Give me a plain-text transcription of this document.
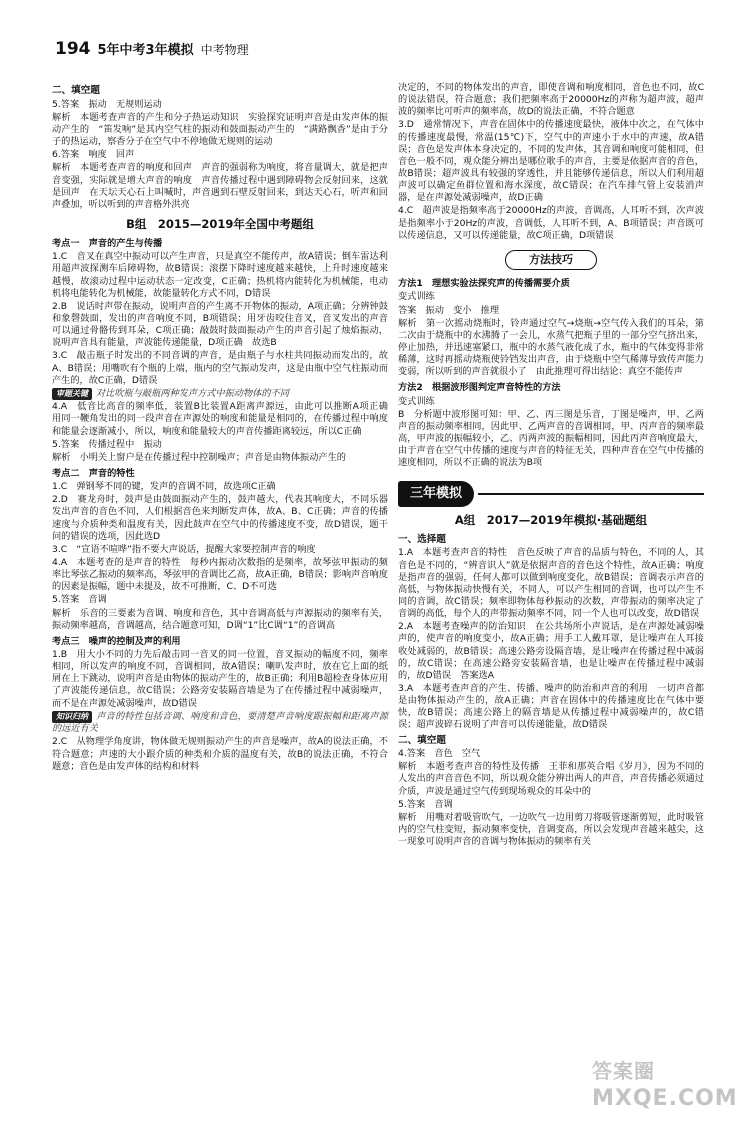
194 5年中考3年模拟 中考物理
二、填空题

5.答案　振动　无规则运动

解析　本题考查声音的产生和分子热运动知识　实验探究证明声音是由发声体的振动产生的　“笛发响”是其内空气柱的振动和鼓面振动产生的　“满路飘香”是由于分子的热运动，察香分子在空气中不停地做无规则的运动

6.答案　响度　回声

解析　本题考查声音的响度和回声　声音的强弱称为响度，将音量调大，就是把声音变强，实际就是增大声音的响度　声音传播过程中遇到障碍物会反射回来，这就是回声　在天坛天心石上叫喊时，声音遇到石壁反射回来，到达天心石，听声和回声叠加，听以听到的声音格外洪亮

B组　2015—2019年全国中考题组
考点一　声音的产生与传播

1.C　音叉在真空中振动可以产生声音，只是真空不能传声，故A错误；倒车雷达利用超声波探测车后障碍物，故B错误；滚摆下降时速度越来越快，上升时速度越来越慢，故滚动过程中运动状态一定改变，C正确；热机将内能转化为机械能，电动机将电能转化为机械能，故能量转化方式不同，D错误

2.B　说话时声带在振动，说明声音的产生离不开物体的振动，A项正确；分辨钟鼓和象磬鼓面，发出的声音响度不同，B项错误；用牙齿咬住音叉，音叉发出的声音可以通过骨骼传到耳朵，C项正确；敲鼓时鼓面振动产生的声音引起了烛焰振动，说明声音具有能量，声波能传递能量，D项正确　故选B

3.C　敲击瓶子时发出的不同音调的声音，是由瓶子与水柱共同振动而发出的，故A、B错误；用嘴吹有个瓶的上端，瓶内的空气振动发声，这是由瓶中空气柱振动而产生的，故C正确，D错误

审题关键 对比吹瓶与敲瓶两种发声方式中振动物体的不同

4.A　低音比高音的频率低，装置B比装置A距离声源远，由此可以推断A项正确　用同一鞭角发出的同一段声音在声源处的响度和能量是相同的，在传播过程中响度和能量会逐渐减小，所以，响度和能量较大的声音传播距离较远，所以C正确

5.答案　传播过程中　振动

解析　小明关上窗户是在传播过程中控制噪声；声音是由物体振动产生的

考点二　声音的特性

1.C　弹钢琴不同的键，发声的音调不同，故选项C正确

2.D　赛龙舟时，鼓声是由鼓面振动产生的，鼓声越大，代表其响度大，不同乐器发出声音的音色不同，人们根据音色来判断发声体，故A、B、C正确；声音的传播速度与介质种类和温度有关，因此鼓声在空气中的传播速度不变，故D错误，题干问的错误的选项，因此选D

3.C　“宣语不喧哗”指不要大声说话，提醒大家要控制声音的响度

4.A　本题考查的是声音的特性　每秒内振动次数指的是频率，故琴弦甲振动的频率比琴弦乙振动的频率高，琴弦甲的音调比乙高，故A正确，B错误；影响声音响度的因素是振幅，题中未提及，故不可推断，C、D不可选

5.答案　音调

解析　乐音的三要素为音调、响度和音色，其中音调高低与声源振动的频率有关，振动频率越高，音调越高，结合题意可知，D调“1”比C调“1”的音调高

考点三　噪声的控制及声的利用

1.B　用大小不同的力先后敲击同一音叉的同一位置，音叉振动的幅度不同，频率相同，所以发声的响度不同，音调相同，故A错误；喇叭发声时，放在它上面的纸屑在上下跳动，说明声音是由物体的振动产生的，故B正确；利用B超检查身体应用了声波能传递信息，故C错误；公路旁安装隔音墙是为了在传播过程中减弱噪声，而不是在声源处减弱噪声，故D错误

知识归纳 声音的特性包括音调、响度和音色，要清楚声音响度跟振幅和距离声源的远近有关

2.C　从物理学角度讲，物体做无规则振动产生的声音是噪声，故A的说法正确，不符合题意；声速的大小跟介质的种类和介质的温度有关，故B的说法正确，不符合题意；音色是由发声体的结构和材料

决定的，不同的物体发出的声音，即使音调和响度相同，音色也不同，故C的说法错误，符合题意；我们把频率高于20000Hz的声称为超声波，超声波的频率比可听声的频率高，故D的说法正确，不符合题意

3.D　通常情况下，声音在固体中的传播速度最快，液体中次之，在气体中的传播速度最慢，常温(15℃)下，空气中的声速小于水中的声速，故A错误；音色是发声体本身决定的，不同的发声体，其音调和响度可能相同，但音色一般不同，观众能分辨出是哪位歌手的声音，主要是依据声音的音色，故B错误；超声波具有较强的穿透性，并且能够传递信息，所以人们利用超声波可以确定鱼群位置和海水深度，故C错误；在汽车排气管上安装消声器，是在声源处减弱噪声，故D正确

4.C　超声波是指频率高于20000Hz的声波，音调高，人耳听不到，次声波是指频率小于20Hz的声波，音调低，人耳听不到，A、B项错误；声音既可以传递信息，又可以传递能量，故C项正确，D项错误

方法技巧
方法1　理想实验法探究声的传播需要介质

变式训练

答案　振动　变小　推理

解析　第一次摇动烧瓶时，铃声通过空气→烧瓶→空气传入我们的耳朵，第二次由于烧瓶中的水沸腾了一会儿，水蒸气把瓶子里的一部分空气挤出来，停止加热，并迅速塞紧口，瓶中的水蒸气液化成了水，瓶中的气体变得非常稀薄，这时再摇动烧瓶使铃铛发出声音，由于烧瓶中空气稀薄导致传声能力变弱，所以听到的声音就很小了　由此推理可得出结论：真空不能传声

方法2　根据波形图判定声音特性的方法

变式训练

B　分析题中波形图可知：甲、乙、丙三图是乐音，丁图是噪声，甲、乙两声音的振动频率相同，因此甲、乙两声音的音调相同，甲、丙声音的频率最高，甲声波的振幅较小，乙、丙两声波的振幅相同，因此丙声音响度最大，由于声音在空气中传播的速度与声音的特征无关，四种声音在空气中传播的速度相同，所以不正确的说法为B项

三年模拟
A组　2017—2019年模拟·基础题组
一、选择题

1.A　本题考查声音的特性　音色反映了声音的品质与特色，不同的人，其音色是不同的，“辨音识人”就是依据声音的音色这个特性，故A正确；响度是指声音的强弱，任何人都可以做到响度变化，故B错误；音调表示声音的高低，与物体振动快慢有关，不同人，可以产生相同的音调，也可以产生不同的音调，故C错误；频率即物体每秒振动的次数，声带振动的频率决定了音调的高低，每个人的声带振动频率不同，同一个人也可以改变，故D错误

2.A　本题考查噪声的防治知识　在公共场所小声说话，是在声源处减弱噪声的，使声音的响度变小，故A正确；用手工人戴耳罩，是让噪声在人耳接收处减弱的，故B错误；高速公路旁设隔音墙，是让噪声在传播过程中减弱的，故C错误；在高速公路旁安装隔音墙，也是让噪声在传播过程中减弱的，故D错误　答案选A

3.A　本题考查声音的产生、传播、噪声的防治和声音的利用　一切声音都是由物体振动产生的，故A正确；声音在固体中的传播速度比在气体中要快，故B错误；高速公路上的隔音墙是从传播过程中减弱噪声的，故C错误；超声波碎石说明了声音可以传递能量，故D错误

二、填空题

4.答案　音色　空气

解析　本题考查声音的特性及传播　王菲和那英合唱《岁月》，因为不同的人发出的声音音色不同，所以观众能分辨出两人的声音，声音传播必须通过介质，声波是通过空气传到现场观众的耳朵中的

5.答案　音调

解析　用嘴对着吸管吹气，一边吹气一边用剪刀将吸管逐渐剪短，此时吸管内的空气柱变短，振动频率变快，音调变高，所以会发现声音越来越尖，这一现象可说明声音的音调与物体振动的频率有关

答案圈
MXQE.COM
